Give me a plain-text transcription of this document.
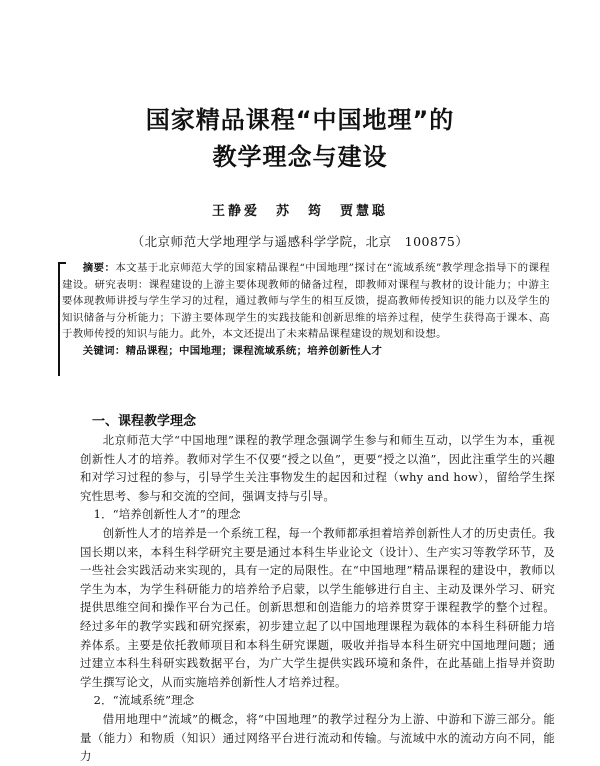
国家精品课程“中国地理”的
教学理念与建设
王静爱　苏　筠　贾慧聪
（北京师范大学地理学与遥感科学学院，北京　100875）

摘要：本文基于北京师范大学的国家精品课程“中国地理”探讨在“流域系统”教学理念指导下的课程建设。研究表明：课程建设的上游主要体现教师的储备过程，即教师对课程与教材的设计能力；中游主要体现教师讲授与学生学习的过程，通过教师与学生的相互反馈，提高教师传授知识的能力以及学生的知识储备与分析能力；下游主要体现学生的实践技能和创新思维的培养过程，使学生获得高于课本、高于教师传授的知识与能力。此外，本文还提出了未来精品课程建设的规划和设想。

关键词：精品课程；中国地理；课程流域系统；培养创新性人才

一、课程教学理念

北京师范大学“中国地理”课程的教学理念强调学生参与和师生互动，以学生为本，重视创新性人才的培养。教师对学生不仅要“授之以鱼”，更要“授之以渔”，因此注重学生的兴趣和对学习过程的参与，引导学生关注事物发生的起因和过程（why and how），留给学生探究性思考、参与和交流的空间，强调支持与引导。

1．“培养创新性人才”的理念

创新性人才的培养是一个系统工程，每一个教师都承担着培养创新性人才的历史责任。我国长期以来，本科生科学研究主要是通过本科生毕业论文（设计）、生产实习等教学环节，及一些社会实践活动来实现的，具有一定的局限性。在“中国地理”精品课程的建设中，教师以学生为本，为学生科研能力的培养给予启蒙，以学生能够进行自主、主动及课外学习、研究提供思维空间和操作平台为己任。创新思想和创造能力的培养贯穿于课程教学的整个过程。经过多年的教学实践和研究探索，初步建立起了以中国地理课程为载体的本科生科研能力培养体系。主要是依托教师项目和本科生研究课题，吸收并指导本科生研究中国地理问题；通过建立本科生科研实践数据平台，为广大学生提供实践环境和条件，在此基础上指导并资助学生撰写论文，从而实施培养创新性人才培养过程。

2．“流域系统”理念

借用地理中“流域”的概念，将“中国地理”的教学过程分为上游、中游和下游三部分。能量（能力）和物质（知识）通过网络平台进行流动和传输。与流域中水的流动方向不同，能力
